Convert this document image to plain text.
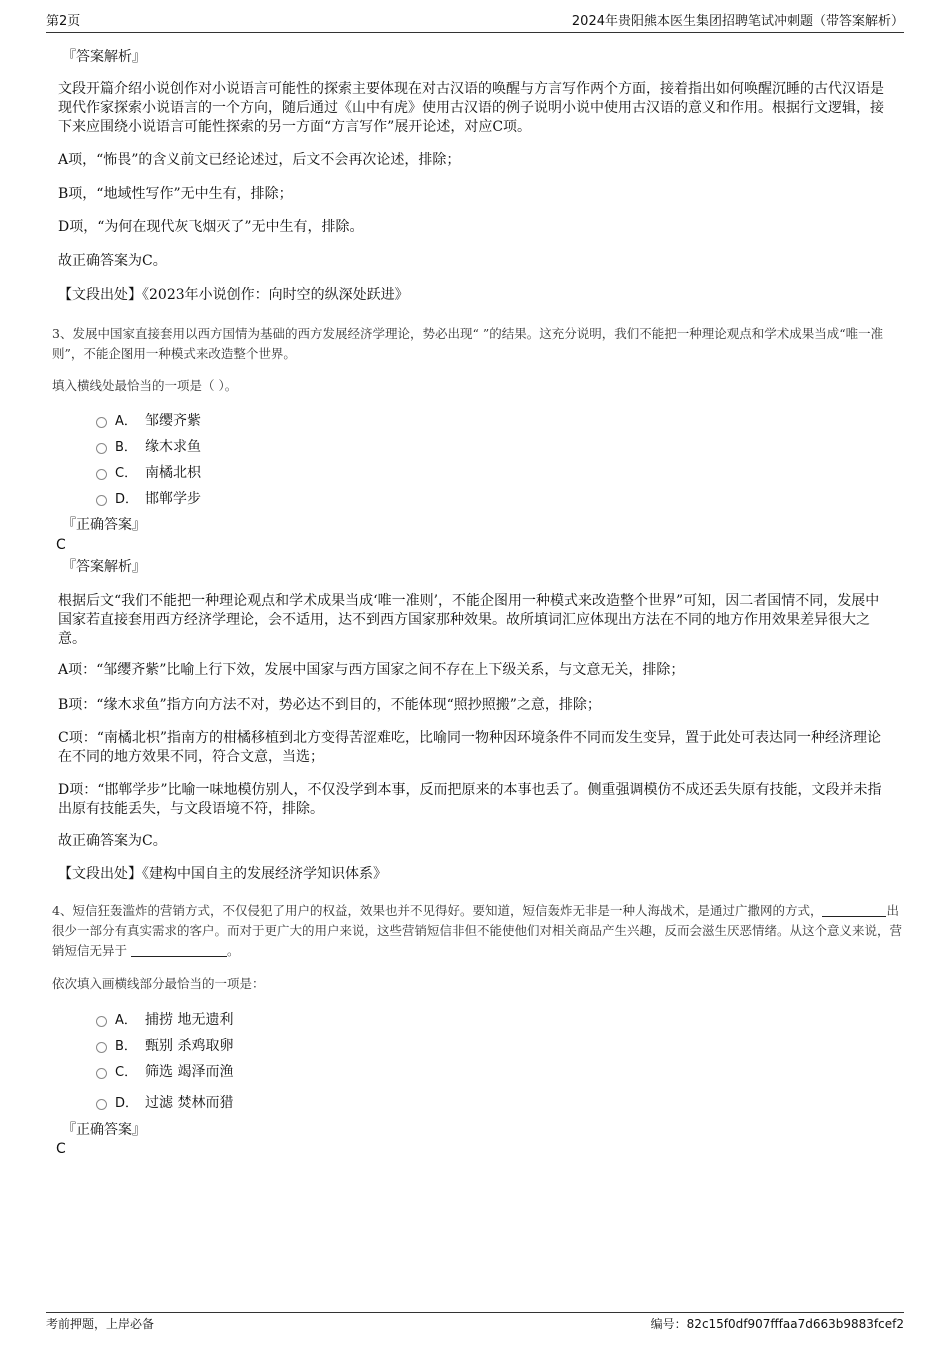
第2页	2024年贵阳熊本医生集团招聘笔试冲刺题（带答案解析）
『答案解析』
文段开篇介绍小说创作对小说语言可能性的探索主要体现在对古汉语的唤醒与方言写作两个方面，接着指出如何唤醒沉睡的古代汉语是现代作家探索小说语言的一个方向，随后通过《山中有虎》使用古汉语的例子说明小说中使用古汉语的意义和作用。根据行文逻辑，接下来应围绕小说语言可能性探索的另一方面“方言写作”展开论述，对应C项。
A项，“怖畏”的含义前文已经论述过，后文不会再次论述，排除；
B项，“地域性写作”无中生有，排除；
D项，“为何在现代灰飞烟灭了”无中生有，排除。
故正确答案为C。
【文段出处】《2023年小说创作：向时空的纵深处跃进》
3、发展中国家直接套用以西方国情为基础的西方发展经济学理论，势必出现“ ”的结果。这充分说明，我们不能把一种理论观点和学术成果当成“唯一准则”，不能企图用一种模式来改造整个世界。
填入横线处最恰当的一项是（ ）。
A． 邹缨齐紫
B． 缘木求鱼
C． 南橘北枳
D． 邯郸学步
『正确答案』
C
『答案解析』
根据后文“我们不能把一种理论观点和学术成果当成‘唯一准则’，不能企图用一种模式来改造整个世界”可知，因二者国情不同，发展中国家若直接套用西方经济学理论，会不适用，达不到西方国家那种效果。故所填词汇应体现出方法在不同的地方作用效果差异很大之意。
A项：“邹缨齐紫”比喻上行下效，发展中国家与西方国家之间不存在上下级关系，与文意无关，排除；
B项：“缘木求鱼”指方向方法不对，势必达不到目的，不能体现“照抄照搬”之意，排除；
C项：“南橘北枳”指南方的柑橘移植到北方变得苦涩难吃，比喻同一物种因环境条件不同而发生变异，置于此处可表达同一种经济理论在不同的地方效果不同，符合文意，当选；
D项：“邯郸学步”比喻一味地模仿别人，不仅没学到本事，反而把原来的本事也丢了。侧重强调模仿不成还丢失原有技能，文段并未指出原有技能丢失，与文段语境不符，排除。
故正确答案为C。
【文段出处】《建构中国自主的发展经济学知识体系》
4、短信狂轰滥炸的营销方式，不仅侵犯了用户的权益，效果也并不见得好。要知道，短信轰炸无非是一种人海战术，是通过广撒网的方式，	出很少一部分有真实需求的客户。而对于更广大的用户来说，这些营销短信非但不能使他们对相关商品产生兴趣，反而会滋生厌恶情绪。从这个意义来说，营销短信无异于	。
依次填入画横线部分最恰当的一项是：
A． 捕捞 地无遗利
B． 甄别 杀鸡取卵
C． 筛选 竭泽而渔
D． 过滤 焚林而猎
『正确答案』
C
考前押题，上岸必备	编号：82c15f0df907fffaa7d663b9883fcef2
